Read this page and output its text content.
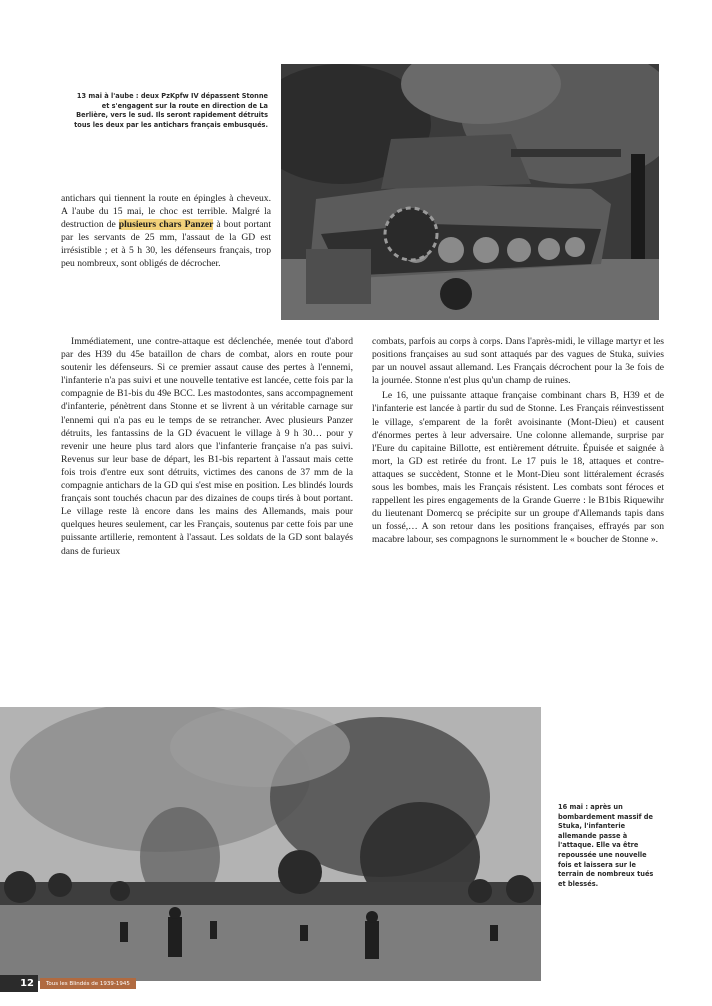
13 mai à l'aube : deux PzKpfw IV dépassent Stonne et s'engagent sur la route en direction de La Berlière, vers le sud. Ils seront rapidement détruits tous les deux par les antichars français embusqués.

antichars qui tiennent la route en épingles à cheveux. A l'aube du 15 mai, le choc est terrible. Malgré la destruction de plusieurs chars Panzer à bout portant par les servants de 25 mm, l'assaut de la GD est irrésistible ; et à 5 h 30, les défenseurs français, trop peu nombreux, sont obligés de décrocher.

Immédiatement, une contre-attaque est déclenchée, menée tout d'abord par des H39 du 45e bataillon de chars de combat, alors en route pour soutenir les défenseurs. Si ce premier assaut cause des pertes à l'ennemi, l'infanterie n'a pas suivi et une nouvelle tentative est lancée, cette fois par la compagnie de B1-bis du 49e BCC. Les mastodontes, sans accompagnement d'infanterie, pénètrent dans Stonne et se livrent à un véritable carnage sur l'ennemi qui n'a pas eu le temps de se retrancher. Avec plusieurs Panzer détruits, les fantassins de la GD évacuent le village à 9 h 30… pour y revenir une heure plus tard alors que l'infanterie française n'a pas suivi. Revenus sur leur base de départ, les B1-bis repartent à l'assaut mais cette fois trois d'entre eux sont détruits, victimes des canons de 37 mm de la compagnie antichars de la GD qui s'est mise en position. Les blindés lourds français sont touchés chacun par des dizaines de coups tirés à bout portant. Le village reste là encore dans les mains des Allemands, mais pour quelques heures seulement, car les Français, soutenus par cette fois par une puissante artillerie, remontent à l'assaut. Les soldats de la GD sont balayés dans de furieux

combats, parfois au corps à corps. Dans l'après-midi, le village martyr et les positions françaises au sud sont attaqués par des vagues de Stuka, suivies par un nouvel assaut allemand. Les Français décrochent pour la 3e fois de la journée. Stonne n'est plus qu'un champ de ruines.

Le 16, une puissante attaque française combinant chars B, H39 et de l'infanterie est lancée à partir du sud de Stonne. Les Français réinvestissent le village, s'emparent de la forêt avoisinante (Mont-Dieu) et causent d'énormes pertes à leur adversaire. Une colonne allemande, surprise par l'Eure du capitaine Billotte, est entièrement détruite. Épuisée et saignée à mort, la GD est retirée du front. Le 17 puis le 18, attaques et contre-attaques se succèdent, Stonne et le Mont-Dieu sont littéralement écrasés sous les bombes, mais les Français résistent. Les combats sont féroces et rappellent les pires engagements de la Grande Guerre : le B1bis Riquewihr du lieutenant Domercq se précipite sur un groupe d'Allemands tapis dans un fossé,… A son retour dans les positions françaises, effrayés par son macabre labour, ses compagnons le surnomment le « boucher de Stonne ».

16 mai : après un bombardement massif de Stuka, l'infanterie allemande passe à l'attaque. Elle va être repoussée une nouvelle fois et laissera sur le terrain de nombreux tués et blessés.
12	Tous les Blindés de 1939-1945
